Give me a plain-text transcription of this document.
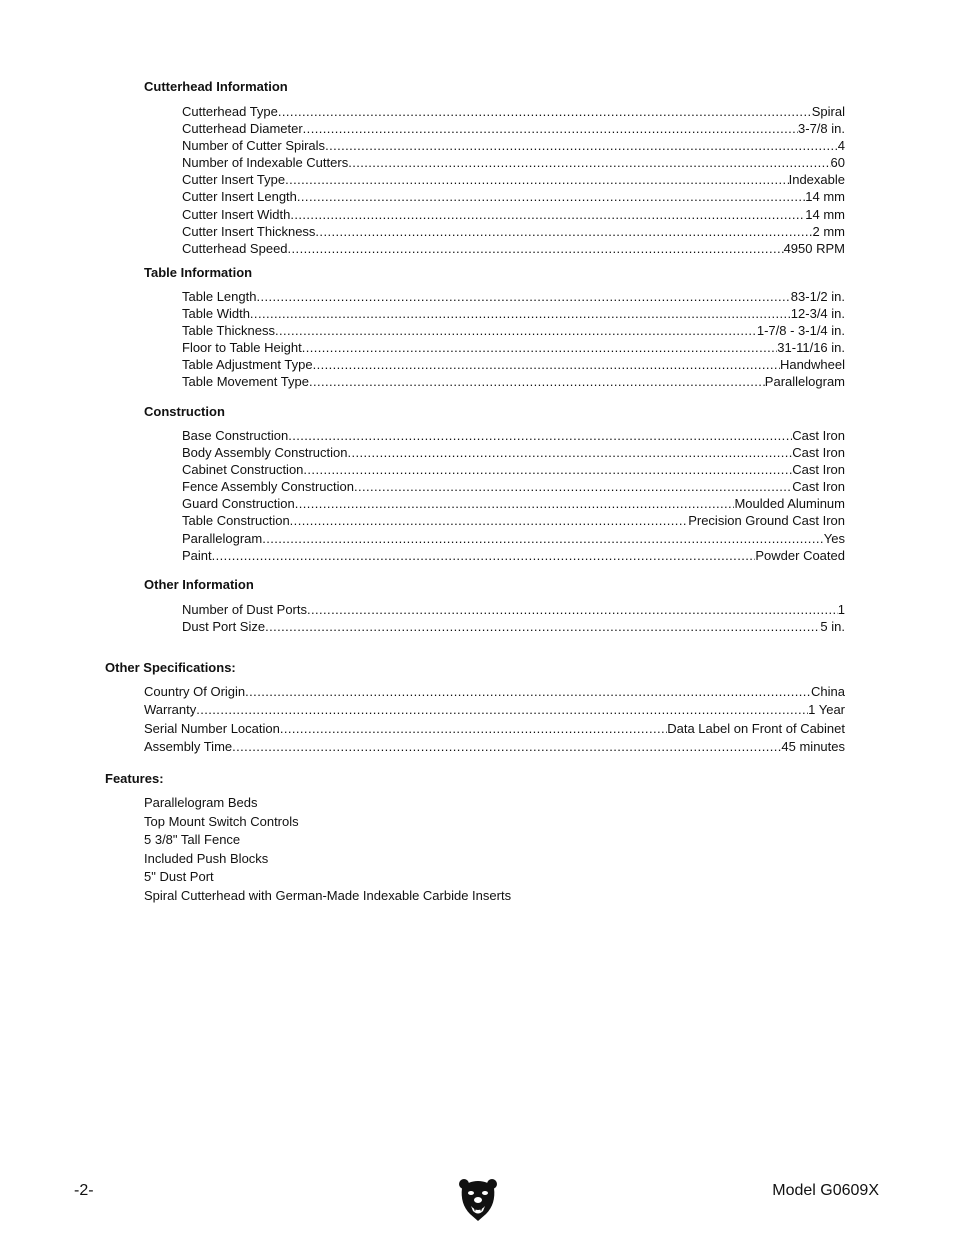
Cutterhead Information
Cutterhead Type .....	Spiral
Cutterhead Diameter .....	3-7/8 in.
Number of Cutter Spirals .....	4
Number of Indexable Cutters .....	60
Cutter Insert Type .....	Indexable
Cutter Insert Length .....	14 mm
Cutter Insert Width .....	14 mm
Cutter Insert Thickness .....	2 mm
Cutterhead Speed .....	4950 RPM
Table Information
Table Length .....	83-1/2 in.
Table Width .....	12-3/4 in.
Table Thickness .....	1-7/8 - 3-1/4 in.
Floor to Table Height .....	31-11/16 in.
Table Adjustment Type .....	Handwheel
Table Movement Type .....	Parallelogram
Construction
Base Construction .....	Cast Iron
Body Assembly Construction .....	Cast Iron
Cabinet Construction .....	Cast Iron
Fence Assembly Construction .....	Cast Iron
Guard Construction .....	Moulded Aluminum
Table Construction .....	Precision Ground Cast Iron
Parallelogram .....	Yes
Paint .....	Powder Coated
Other Information
Number of Dust Ports .....	1
Dust Port Size .....	5 in.
Other Specifications:
Country Of Origin .....	China
Warranty .....	1 Year
Serial Number Location .....	Data Label on Front of Cabinet
Assembly Time .....	45 minutes
Features:
Parallelogram Beds
Top Mount Switch Controls
5 3/8" Tall Fence
Included Push Blocks
5" Dust Port
Spiral Cutterhead with German-Made Indexable Carbide Inserts
-2-	Model G0609X
